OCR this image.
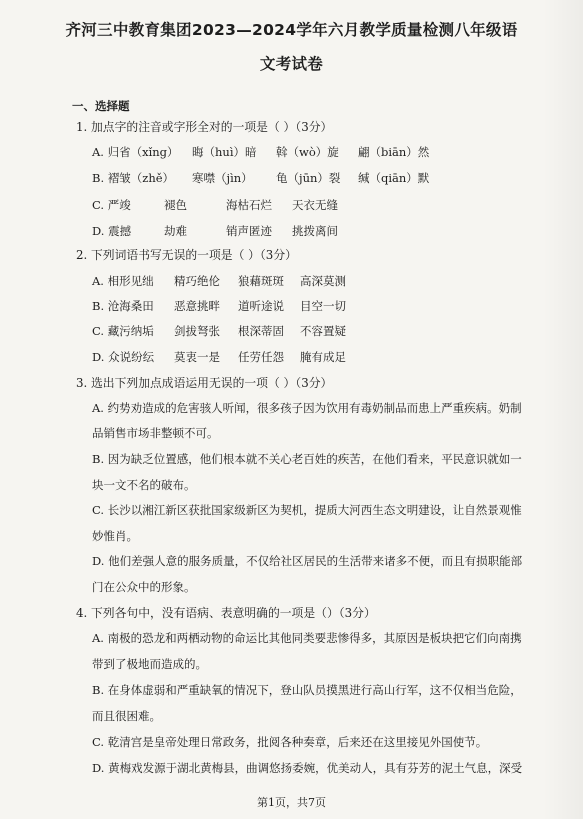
齐河三中教育集团2023—2024学年六月教学质量检测八年级语
文考试卷
一、选择题
1. 加点字的注音或字形全对的一项是（ ）（3分）
A. 归省（xǐng） 晦（huì）暗 斡（wò）旋 翩（biān）然
B. 褶皱（zhě） 寒噤（jìn） 龟（jūn）裂 缄（qiān）默
C. 严竣	褪色	海枯石烂 天衣无缝
D. 震撼	劫难	销声匿迹 挑拨离间
2. 下列词语书写无误的一项是（ ）（3分）
A. 相形见绌 精巧绝伦 狼藉斑斑 高深莫测
B. 沧海桑田 恶意挑畔 道听途说 目空一切
C. 藏污纳垢 剑拔弩张 根深蒂固 不容置疑
D. 众说纷纭 莫衷一是 任劳任怨 腌有成足
3. 选出下列加点成语运用无误的一项（ ）（3分）
A. 约势劝造成的危害骇人听闻，很多孩子因为饮用有毒奶制品而患上严重疾病。奶制
品销售市场非整顿不可。
B. 因为缺乏位置感，他们根本就不关心老百姓的疾苦，在他们看来，平民意识就如一
块一文不名的破布。
C. 长沙以湘江新区获批国家级新区为契机，提质大河西生态文明建设，让自然景观惟
妙惟肖。
D. 他们差强人意的服务质量，不仅给社区居民的生活带来诸多不便，而且有损职能部
门在公众中的形象。
4. 下列各句中，没有语病、表意明确的一项是（）（3分）
A. 南极的恐龙和两栖动物的命运比其他同类要悲惨得多，其原因是板块把它们向南携
带到了极地而造成的。
B. 在身体虚弱和严重缺氧的情况下，登山队员摸黑进行高山行军，这不仅相当危险，
而且很困难。
C. 乾清宫是皇帝处理日常政务，批阅各种奏章，后来还在这里接见外国使节。
D. 黄梅戏发源于湖北黄梅县，曲调悠扬委婉，优美动人，具有芬芳的泥土气息，深受
第1页，共7页
